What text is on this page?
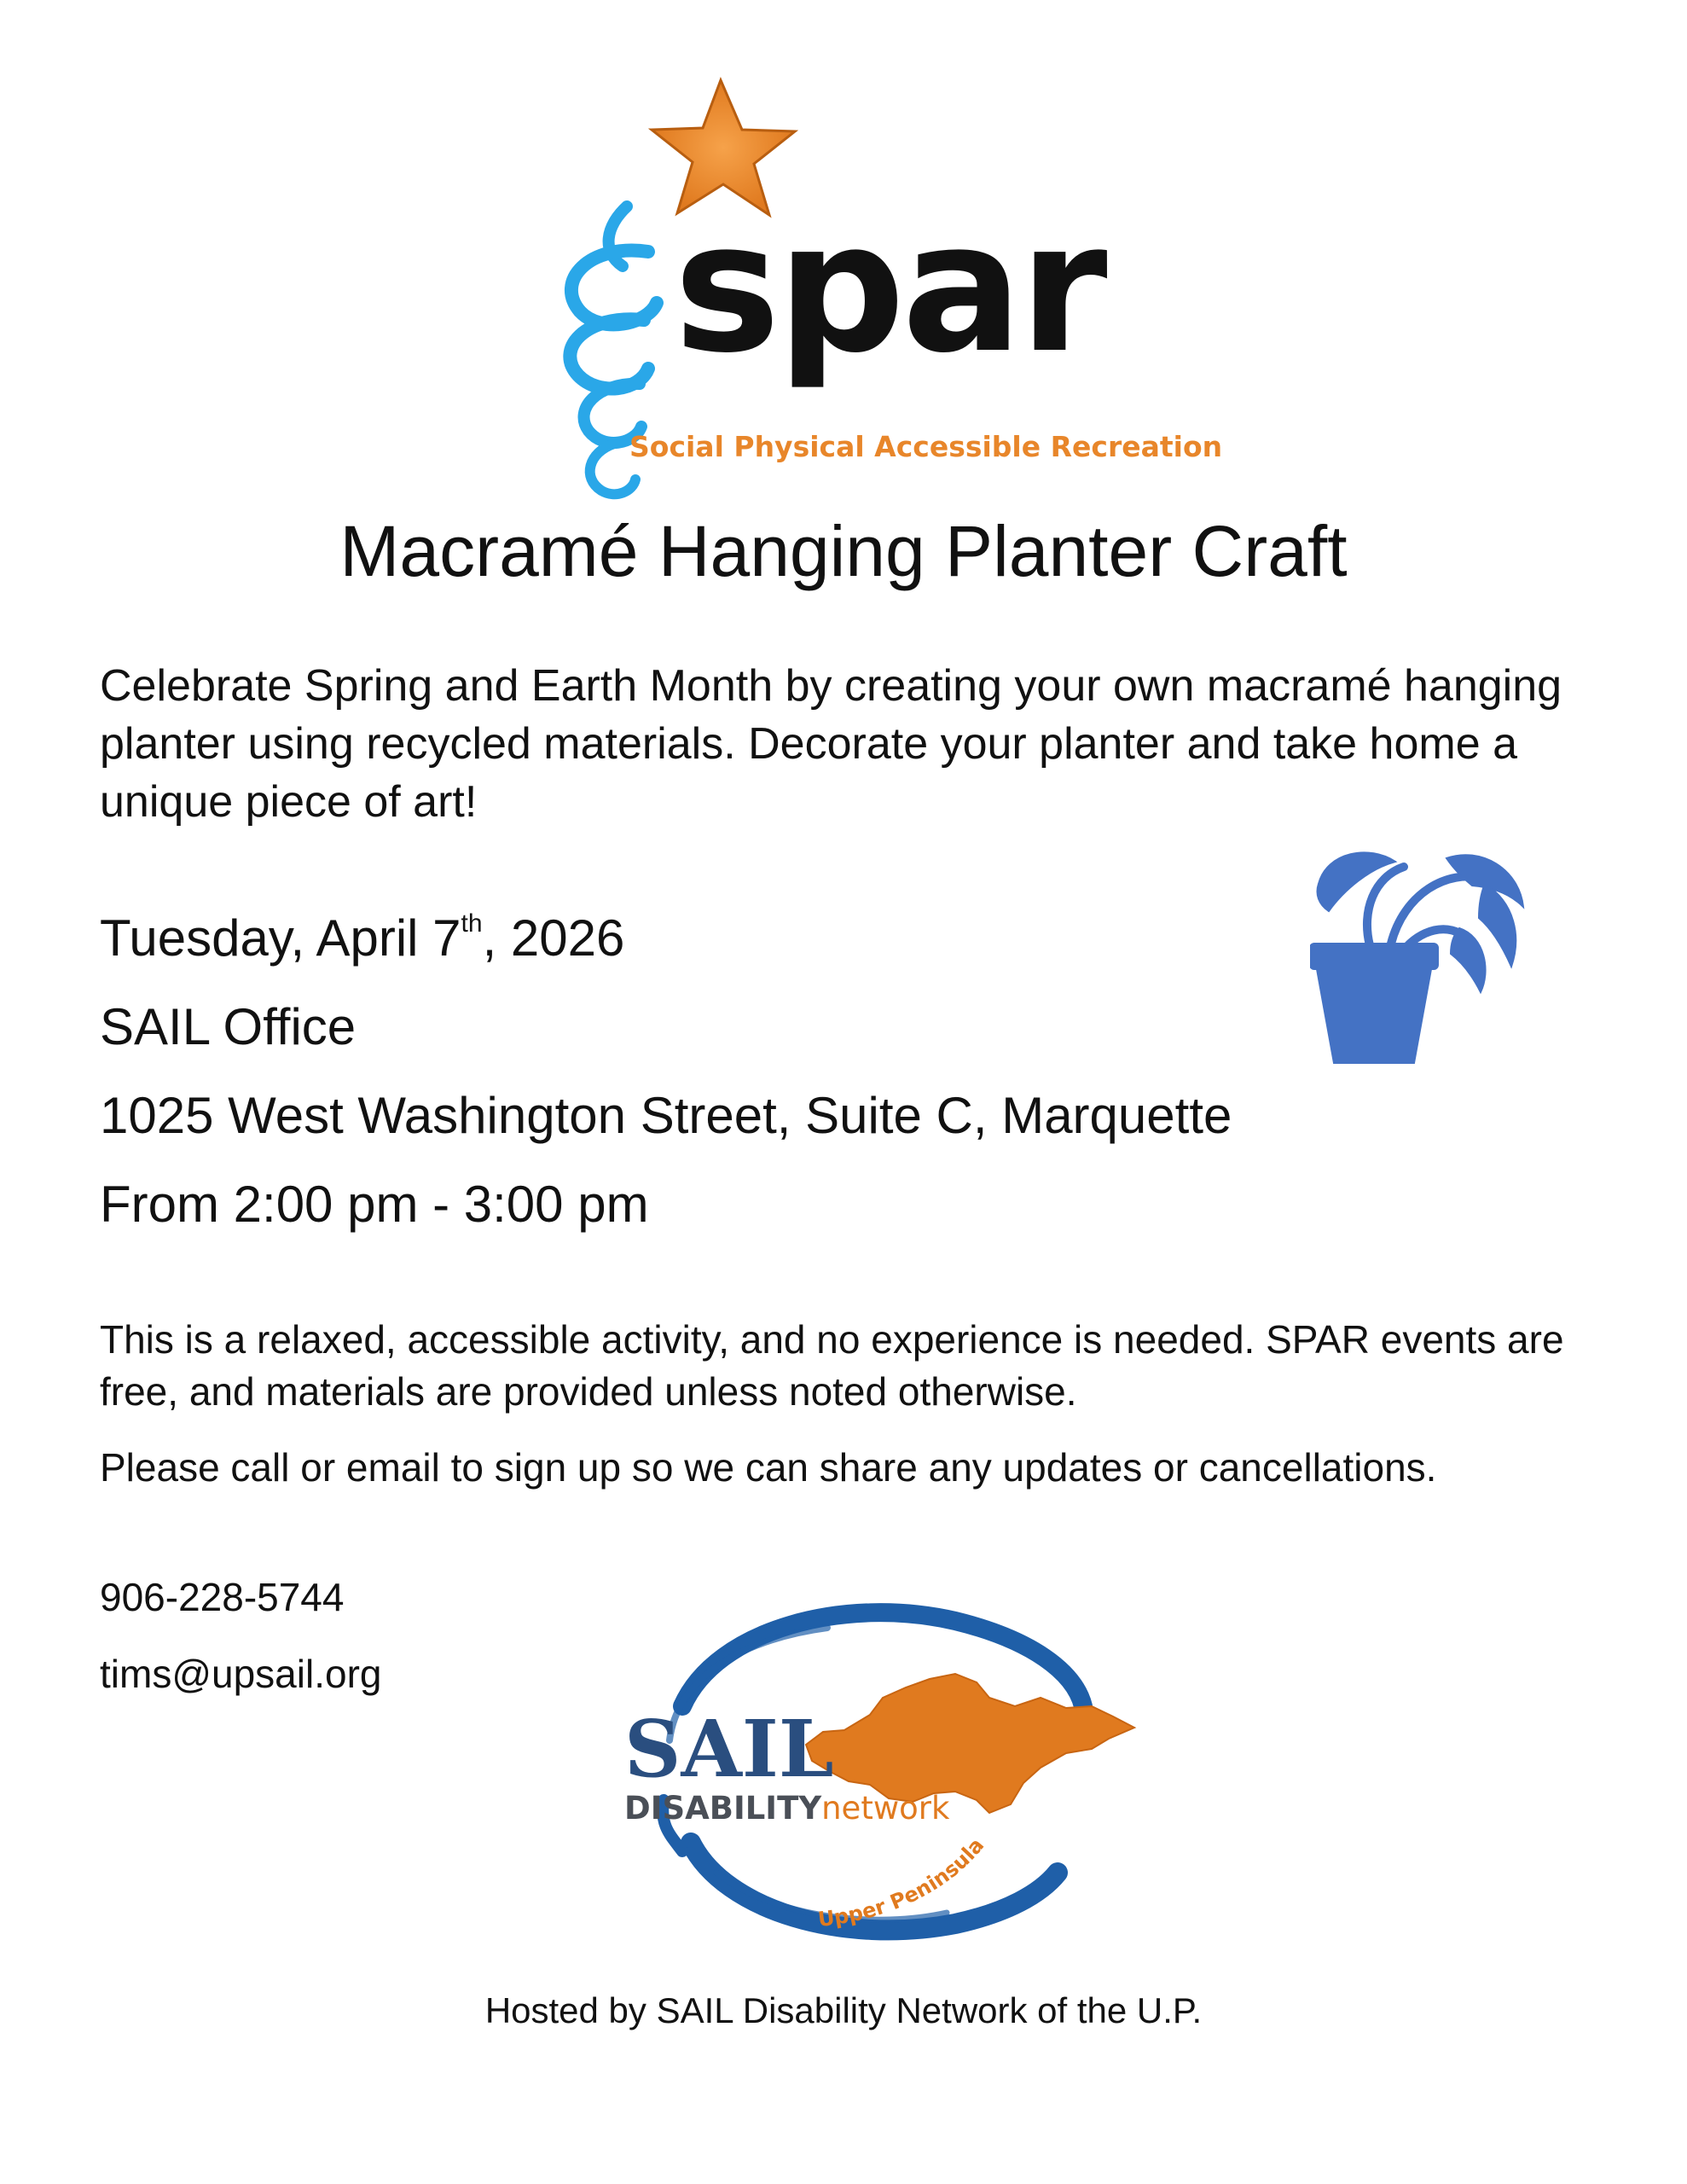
spar
Social Physical Accessible Recreation
Macramé Hanging Planter Craft
Celebrate Spring and Earth Month by creating your own macramé hanging planter using recycled materials. Decorate your planter and take home a unique piece of art!
Tuesday, April 7th, 2026
SAIL Office
1025 West Washington Street, Suite C, Marquette
From 2:00 pm - 3:00 pm
This is a relaxed, accessible activity, and no experience is needed. SPAR events are free, and materials are provided unless noted otherwise.
Please call or email to sign up so we can share any updates or cancellations.
906-228-5744
tims@upsail.org
SAIL
DISABILITYnetwork
Upper Peninsula
Hosted by SAIL Disability Network of the U.P.
